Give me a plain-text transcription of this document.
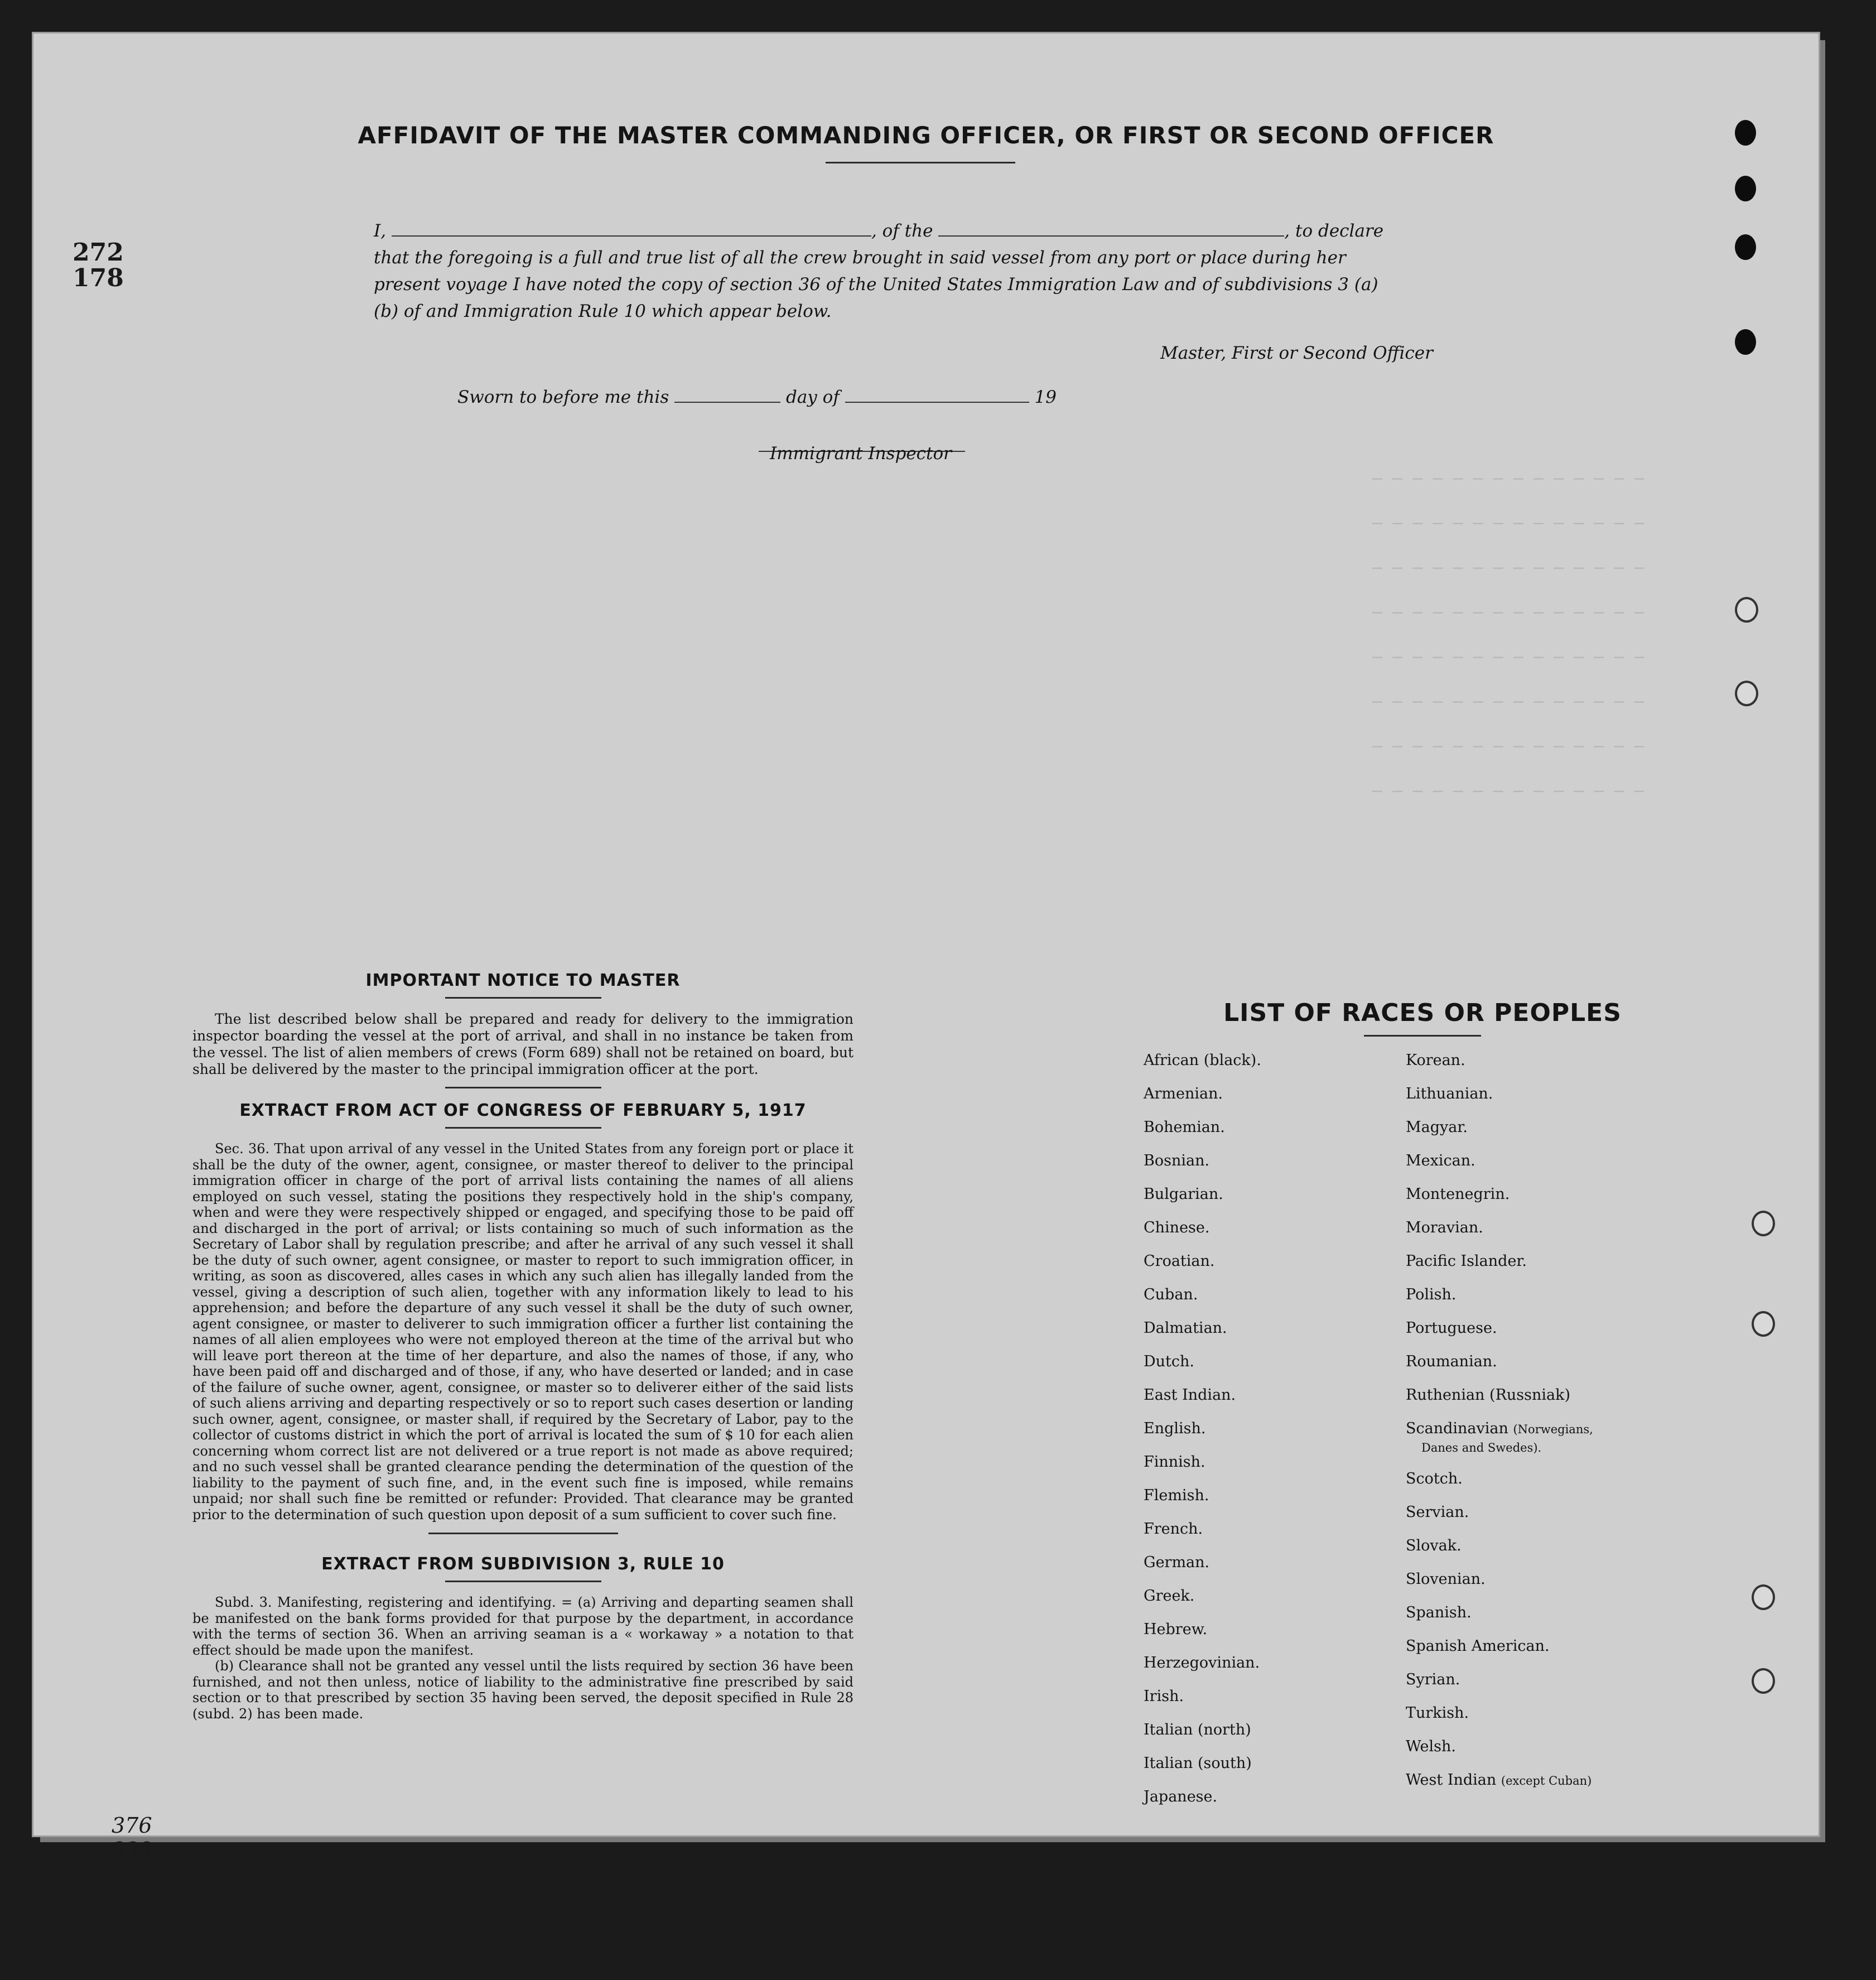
— — — — — — — — — — — — — —
— — — — — — — — — — — — — —
— — — — — — — — — — — — — —
— — — — — — — — — — — — — —
— — — — — — — — — — — — — —
— — — — — — — — — — — — — —
— — — — — — — — — — — — — —
— — — — — — — — — — — — — —
272
178
376
338
AFFIDAVIT OF THE MASTER COMMANDING OFFICER, OR FIRST OR SECOND OFFICER
I,	, of the	, to declare
that the foregoing is a full and true list of all the crew brought in said vessel from any port or place during her
present voyage I have noted the copy of section 36 of the United States Immigration Law and of subdivisions 3 (a)
(b) of and Immigration Rule 10 which appear below.
Master, First or Second Officer
Sworn to before me this	day of	19
Immigrant Inspector
IMPORTANT NOTICE TO MASTER
The list described below shall be prepared and ready for delivery to the immigration inspector boarding the vessel at the port of arrival, and shall in no instance be taken from the vessel. The list of alien members of crews (Form 689) shall not be retained on board, but shall be delivered by the master to the principal immigration officer at the port.
EXTRACT FROM ACT OF CONGRESS OF FEBRUARY 5, 1917
Sec. 36. That upon arrival of any vessel in the United States from any foreign port or place it shall be the duty of the owner, agent, consignee, or master thereof to deliver to the principal immigration officer in charge of the port of arrival lists containing the names of all aliens employed on such vessel, stating the positions they respectively hold in the ship's company, when and were they were respectively shipped or engaged, and specifying those to be paid off and discharged in the port of arrival; or lists containing so much of such information as the Secretary of Labor shall by regulation prescribe; and after he arrival of any such vessel it shall be the duty of such owner, agent consignee, or master to report to such immigration officer, in writing, as soon as discovered, alles cases in which any such alien has illegally landed from the vessel, giving a description of such alien, together with any information likely to lead to his apprehension; and before the departure of any such vessel it shall be the duty of such owner, agent consignee, or master to deliverer to such immigration officer a further list containing the names of all alien employees who were not employed thereon at the time of the arrival but who will leave port thereon at the time of her departure, and also the names of those, if any, who have been paid off and discharged and of those, if any, who have deserted or landed; and in case of the failure of suche owner, agent, consignee, or master so to deliverer either of the said lists of such aliens arriving and departing respectively or so to report such cases desertion or landing such owner, agent, consignee, or master shall, if required by the Secretary of Labor, pay to the collector of customs district in which the port of arrival is located the sum of $ 10 for each alien concerning whom correct list are not delivered or a true report is not made as above required; and no such vessel shall be granted clearance pending the determination of the question of the liability to the payment of such fine, and, in the event such fine is imposed, while remains unpaid; nor shall such fine be remitted or refunder: Provided. That clearance may be granted prior to the determination of such question upon deposit of a sum sufficient to cover such fine.
EXTRACT FROM SUBDIVISION 3, RULE 10
Subd. 3. Manifesting, registering and identifying. = (a) Arriving and departing seamen shall be manifested on the bank forms provided for that purpose by the department, in accordance with the terms of section 36. When an arriving seaman is a « workaway » a notation to that effect should be made upon the manifest.
(b) Clearance shall not be granted any vessel until the lists required by section 36 have been furnished, and not then unless, notice of liability to the administrative fine prescribed by said section or to that prescribed by section 35 having been served, the deposit specified in Rule 28 (subd. 2) has been made.
LIST OF RACES OR PEOPLES
African (black).
Armenian.
Bohemian.
Bosnian.
Bulgarian.
Chinese.
Croatian.
Cuban.
Dalmatian.
Dutch.
East Indian.
English.
Finnish.
Flemish.
French.
German.
Greek.
Hebrew.
Herzegovinian.
Irish.
Italian (north)
Italian (south)
Japanese.
Korean.
Lithuanian.
Magyar.
Mexican.
Montenegrin.
Moravian.
Pacific Islander.
Polish.
Portuguese.
Roumanian.
Ruthenian (Russniak)
Scandinavian (Norwegians,
Danes and Swedes).
Scotch.
Servian.
Slovak.
Slovenian.
Spanish.
Spanish American.
Syrian.
Turkish.
Welsh.
West Indian (except Cuban)
